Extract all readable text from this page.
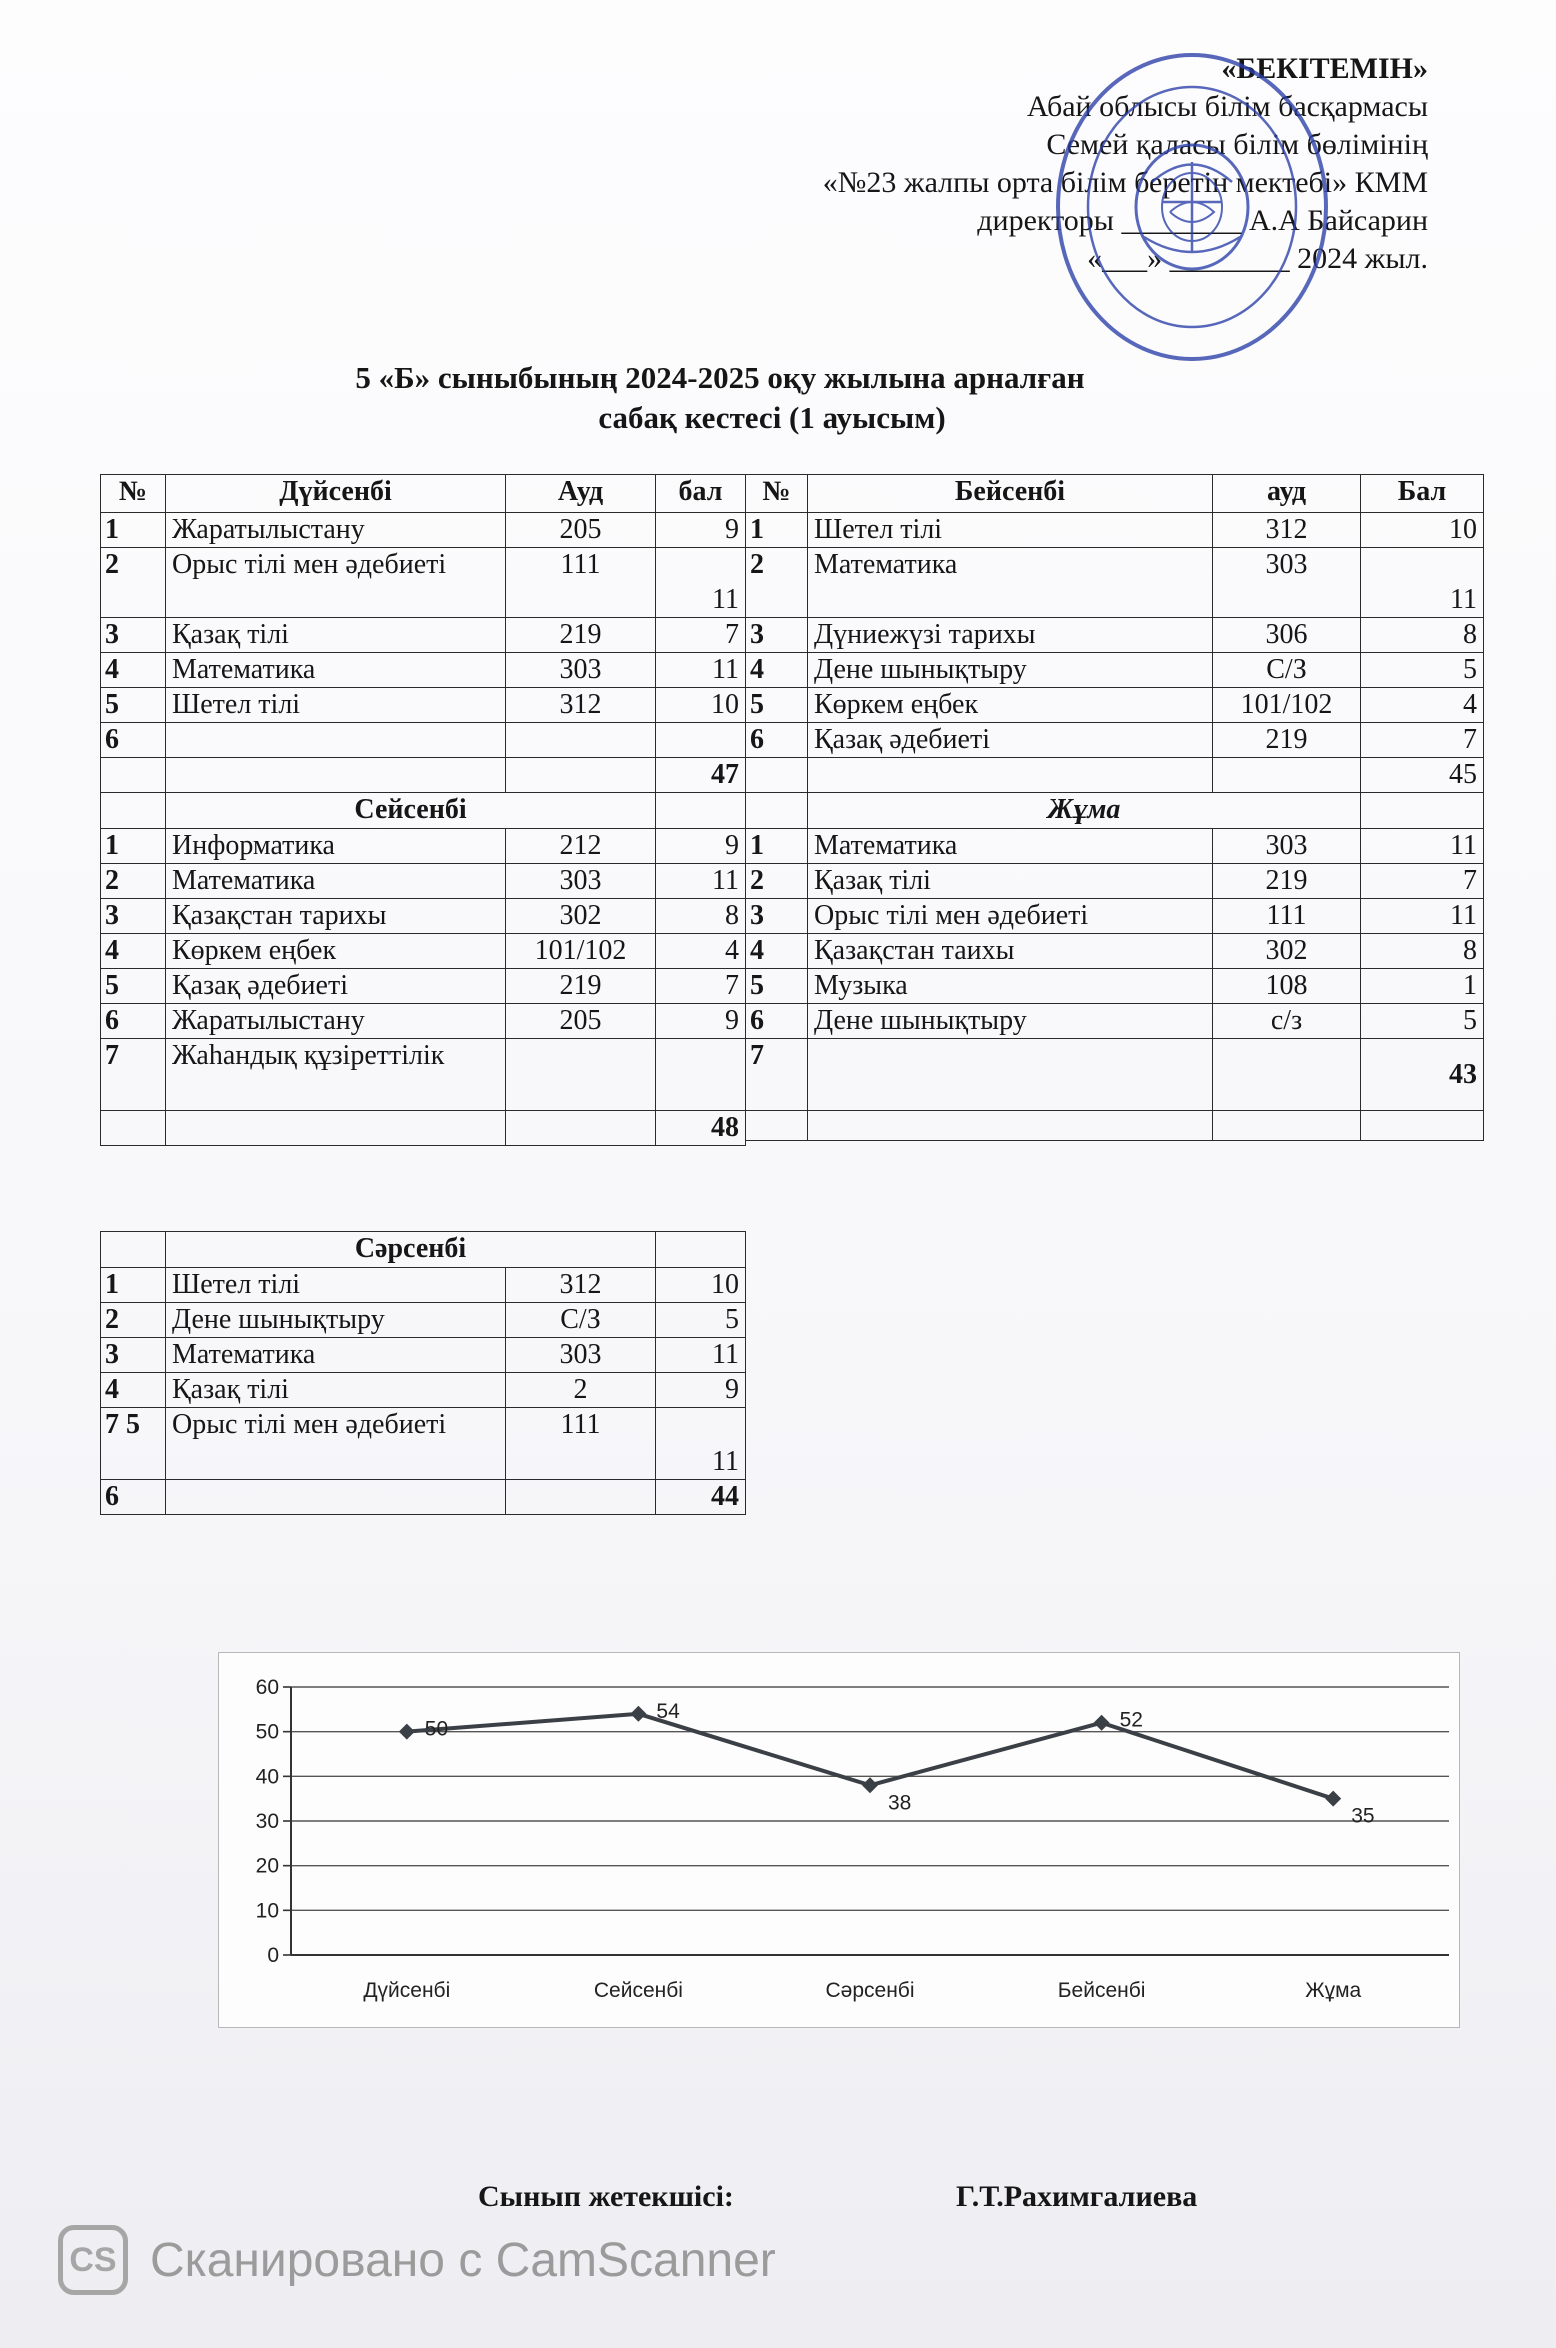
«БЕКІТЕМІН»
Абай облысы білім басқармасы
Семей қаласы білім бөлімінің
«№23 жалпы орта білім беретін мектебі» КММ
директоры ________ А.А Байсарин
«___» ________ 2024 жыл.
5 «Б» сыныбының 2024-2025 оқу жылына арналған
сабақ кестесі (1 ауысым)
№	Дүйсенбі	Ауд	бал
1	Жаратылыстану	205	9
2	Орыс тілі мен әдебиеті	111	11
3	Қазақ тілі	219	7
4	Математика	303	11
5	Шетел тілі	312	10
6			
			47
	Сейсенбі		
1	Информатика	212	9
2	Математика	303	11
3	Қазақстан тарихы	302	8
4	Көркем еңбек	101/102	4
5	Қазақ әдебиеті	219	7
6	Жаратылыстану	205	9
7	Жаһандық құзіреттілік		
			48
№	Бейсенбі	ауд	Бал
1	Шетел тілі	312	10
2	Математика	303	11
3	Дүниежүзі тарихы	306	8
4	Дене шынықтыру	С/З	5
5	Көркем еңбек	101/102	4
6	Қазақ әдебиеті	219	7
			45
	Жұма		
1	Математика	303	11
2	Қазақ тілі	219	7
3	Орыс тілі мен әдебиеті	111	11
4	Қазақстан таихы	302	8
5	Музыка	108	1
6	Дене шынықтыру	с/з	5
7			43

	Сәрсенбі		
1	Шетел тілі	312	10
2	Дене шынықтыру	С/З	5
3	Математика	303	11
4	Қазақ тілі	2	9
7 5	Орыс тілі мен әдебиеті	111	11
6			44
0
10
20
30
40
50
60
Дүйсенбі	Сейсенбі	Сәрсенбі	Бейсенбі	Жұма
50
54
38
52
35
Сынып жетекшісі:	Г.Т.Рахимгалиева
CS Сканировано с CamScanner
